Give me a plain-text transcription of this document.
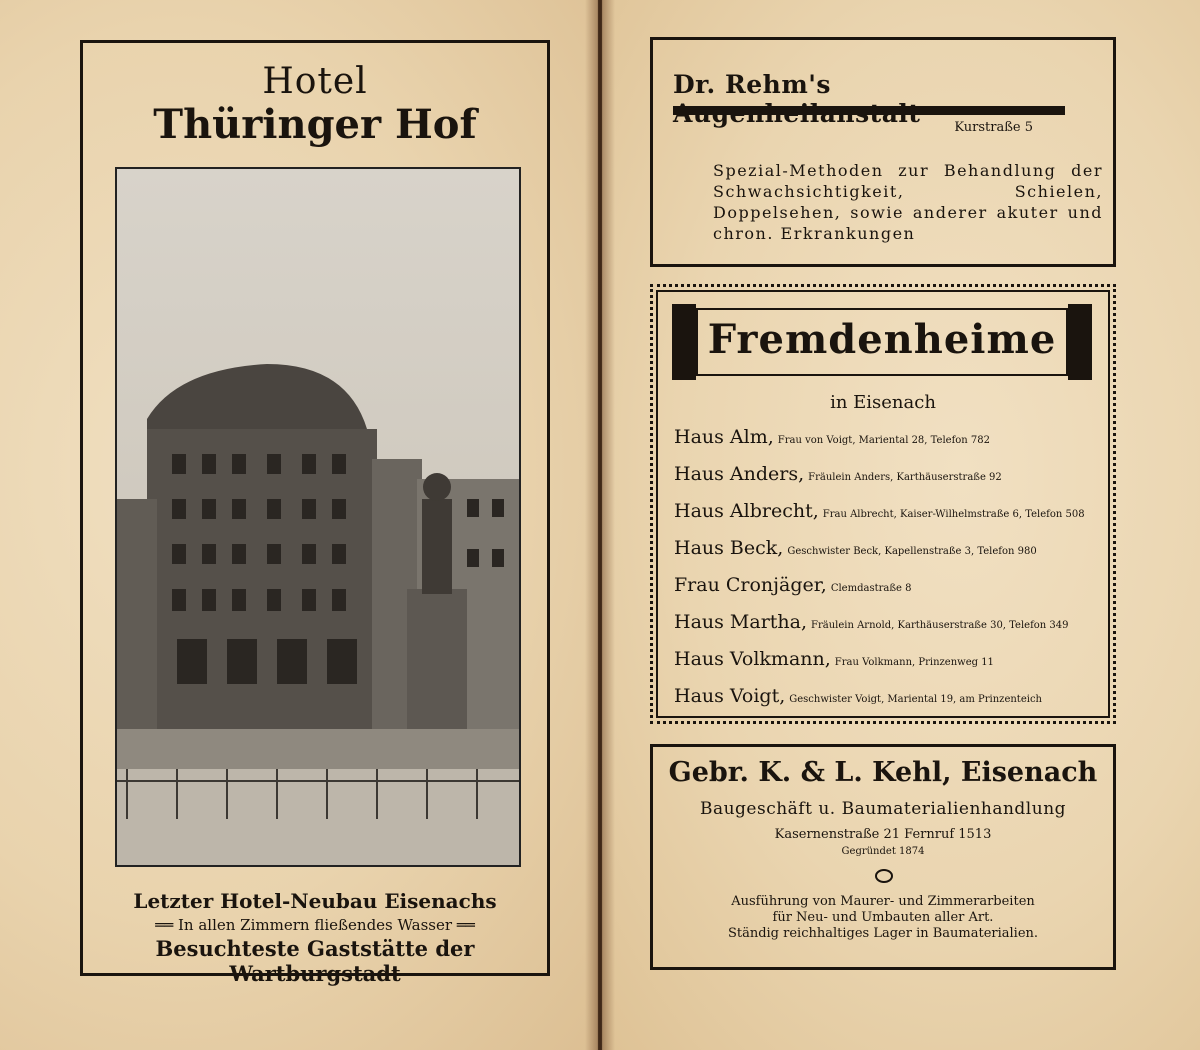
Hotel
Thüringer Hof
Letzter Hotel-Neubau Eisenachs
══ In allen Zimmern fließendes Wasser ══
Besuchteste Gaststätte der Wartburgstadt
Dr. Rehm's
Kurstraße 5
Spezial-Methoden zur Behandlung der Schwachsichtigkeit, Schielen, Doppelsehen, sowie anderer akuter und chron. Erkrankungen
Fremdenheime
in Eisenach
Haus Alm, Frau von Voigt, Mariental 28, Telefon 782
Haus Anders, Fräulein Anders, Karthäuserstraße 92
Haus Albrecht, Frau Albrecht, Kaiser-Wilhelmstraße 6, Telefon 508
Haus Beck, Geschwister Beck, Kapellenstraße 3, Telefon 980
Frau Cronjäger, Clemdastraße 8
Haus Martha, Fräulein Arnold, Karthäuserstraße 30, Telefon 349
Haus Volkmann, Frau Volkmann, Prinzenweg 11
Haus Voigt, Geschwister Voigt, Mariental 19, am Prinzenteich
Gebr. K. & L. Kehl, Eisenach
Baugeschäft u. Baumaterialienhandlung
Kasernenstraße 21 Fernruf 1513
Gegründet 1874
Ausführung von Maurer- und Zimmerarbeiten
für Neu- und Umbauten aller Art.
Ständig reichhaltiges Lager in Baumaterialien.
